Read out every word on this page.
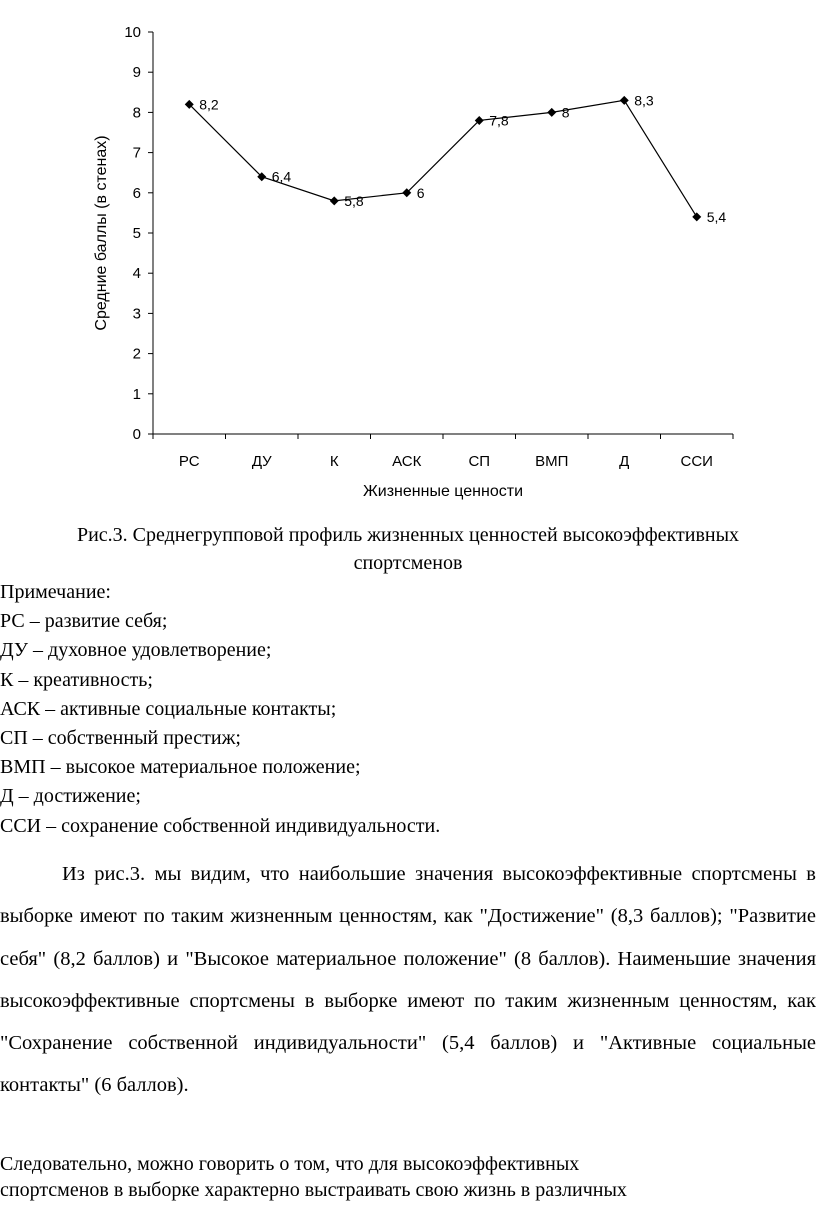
0
1
2
3
4
5
6
7
8
9
10
РС	ДУ	К	АСК	СП	ВМП	Д	ССИ
8,2
6,4
5,8
6
7,8
8
8,3
5,4
Жизненные ценности
Средние баллы (в стенах)
Рис.3. Среднегрупповой профиль жизненных ценностей высокоэффективных
спортсменов
Примечание:
РС – развитие себя;
ДУ – духовное удовлетворение;
К – креативность;
АСК – активные социальные контакты;
СП – собственный престиж;
ВМП – высокое материальное положение;
Д – достижение;
ССИ – сохранение собственной индивидуальности.
Из рис.3. мы видим, что наибольшие значения высокоэффективные спортсмены в выборке имеют по таким жизненным ценностям, как "Достижение" (8,3 баллов); "Развитие себя" (8,2 баллов) и "Высокое материальное положение" (8 баллов). Наименьшие значения высокоэффективные спортсмены в выборке имеют по таким жизненным ценностям, как "Сохранение собственной индивидуальности" (5,4 баллов) и "Активные социальные контакты" (6 баллов).
Следовательно, можно говорить о том, что для высокоэффективных
спортсменов в выборке характерно выстраивать свою жизнь в различных
